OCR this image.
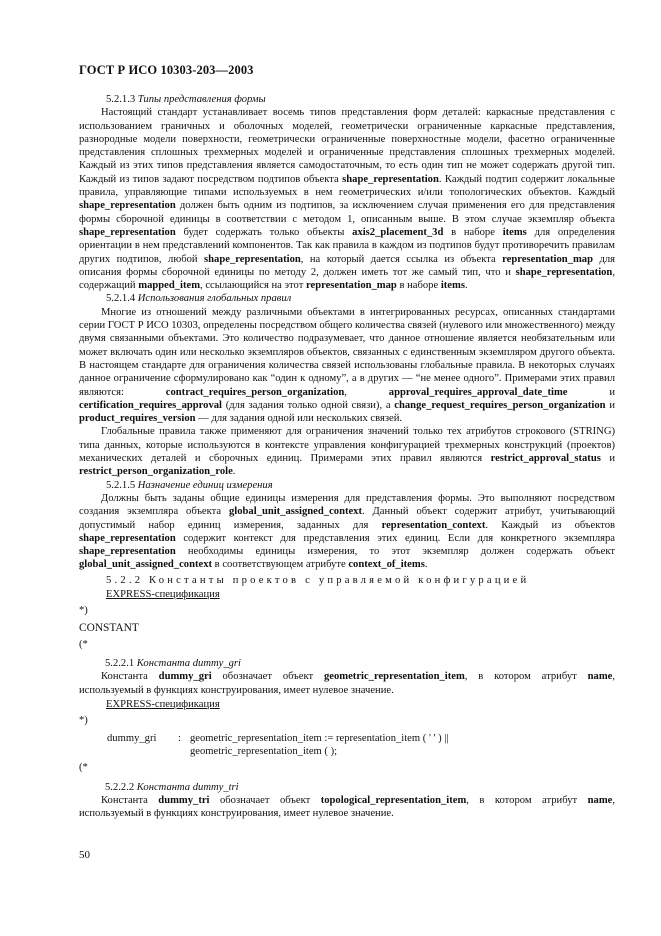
ГОСТ Р ИСО 10303-203—2003

5.2.1.3 Типы представления формы

Настоящий стандарт устанавливает восемь типов представления форм деталей: каркасные представления с использованием граничных и оболочных моделей, геометрически ограниченные каркасные представления, разнородные модели поверхности, геометрически ограниченные поверхностные модели, фасетно ограниченные представления сплошных трехмерных моделей и ограниченные представления сплошных трехмерных моделей. Каждый из этих типов представления является самодостаточным, то есть один тип не может содержать другой тип. Каждый из типов задают посредством подтипов объекта shape_representation. Каждый подтип содержит локальные правила, управляющие типами используемых в нем геометрических и/или топологических объектов. Каждый shape_representation должен быть одним из подтипов, за исключением случая применения его для представления формы сборочной единицы в соответствии с методом 1, описанным выше. В этом случае экземпляр объекта shape_representation будет содержать только объекты axis2_placement_3d в наборе items для определения ориентации в нем представлений компонентов. Так как правила в каждом из подтипов будут противоречить правилам других подтипов, любой shape_representation, на который дается ссылка из объекта representation_map для описания формы сборочной единицы по методу 2, должен иметь тот же самый тип, что и shape_representation, содержащий mapped_item, ссылающийся на этот representation_map в наборе items.

5.2.1.4 Использования глобальных правил

Многие из отношений между различными объектами в интегрированных ресурсах, описанных стандартами серии ГОСТ Р ИСО 10303, определены посредством общего количества связей (нулевого или множественного) между двумя связанными объектами. Это количество подразумевает, что данное отношение является необязательным или может включать один или несколько экземпляров объектов, связанных с единственным экземпляром другого объекта. В настоящем стандарте для ограничения количества связей использованы глобальные правила. В некоторых случаях данное ограничение сформулировано как “один к одному”, а в других — “не менее одного”. Примерами этих правил являются: contract_requires_person_organization, approval_requires_approval_date_time и certification_requires_approval (для задания только одной связи), а change_request_requires_person_organization и product_requires_version — для задания одной или нескольких связей.

Глобальные правила также применяют для ограничения значений только тех атрибутов строкового (STRING) типа данных, которые используются в контексте управления конфигурацией трехмерных конструкций (проектов) механических деталей и сборочных единиц. Примерами этих правил являются restrict_approval_status и restrict_person_organization_role.

5.2.1.5 Назначение единиц измерения

Должны быть заданы общие единицы измерения для представления формы. Это выполняют посредством создания экземпляра объекта global_unit_assigned_context. Данный объект содержит атрибут, учитывающий допустимый набор единиц измерения, заданных для representation_context. Каждый из объектов shape_representation содержит контекст для представления этих единиц. Если для конкретного экземпляра shape_representation необходимы единицы измерения, то этот экземпляр должен содержать объект global_unit_assigned_context в соответствующем атрибуте context_of_items.

5.2.2 Константы проектов с управляемой конфигурацией

EXPRESS-спецификация

*)

CONSTANT

(*

5.2.2.1 Константа dummy_gri

Константа dummy_gri обозначает объект geometric_representation_item, в котором атрибут name, используемый в функциях конструирования, имеет нулевое значение.

EXPRESS-спецификация

*)

dummy_gri	: geometric_representation_item := representation_item ( ' ' ) ||
geometric_representation_item ( );

(*

5.2.2.2 Константа dummy_tri

Константа dummy_tri обозначает объект topological_representation_item, в котором атрибут name, используемый в функциях конструирования, имеет нулевое значение.

50
